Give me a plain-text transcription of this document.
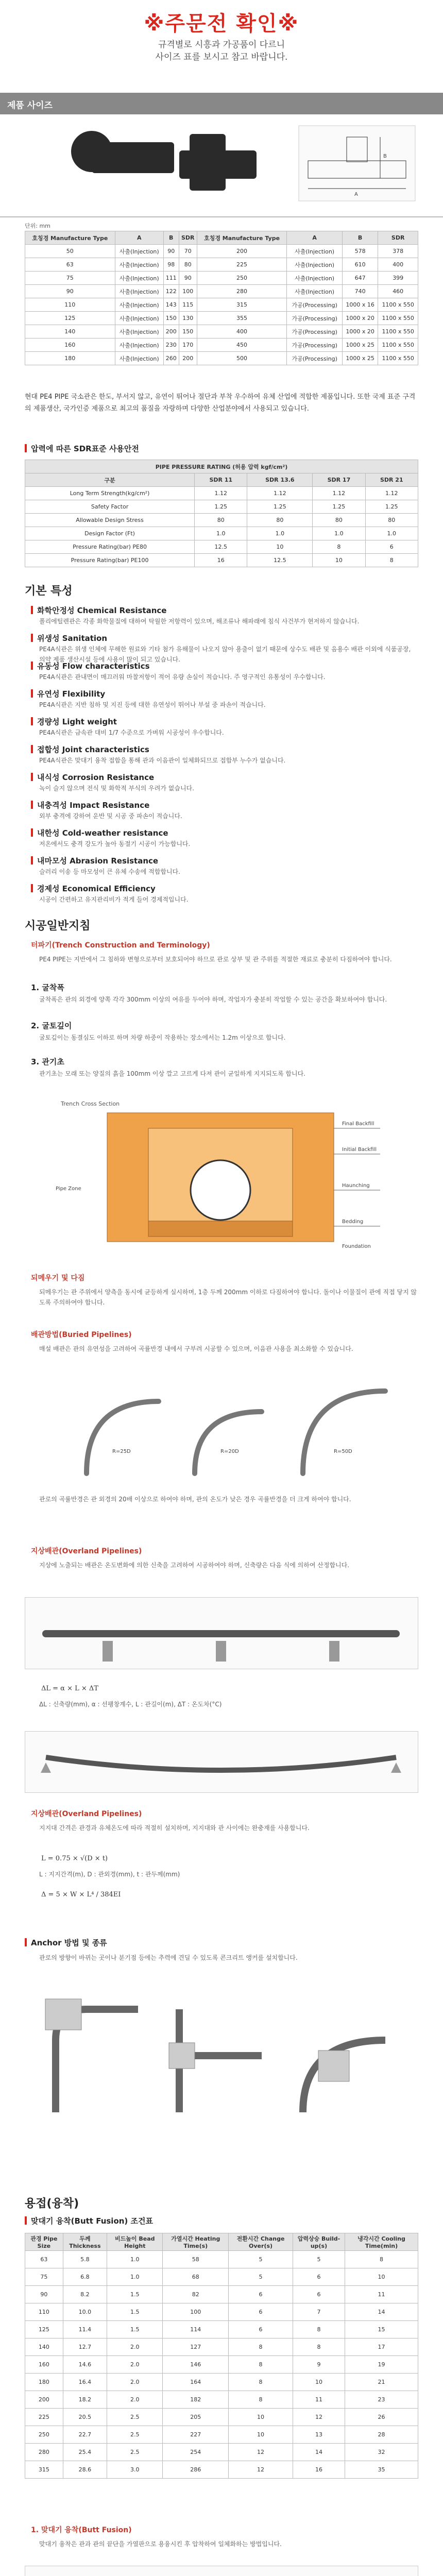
※주문전 확인※
규격별로 시흥과 가공품이 다르니
사이즈 표를 보시고 참고 바랍니다.
제품 사이즈
A
B
단위: mm
호칭경 Manufacture Type	A	B	SDR	호칭경 Manufacture Type	A	B	SDR
50	사출(Injection)	90	70	200	사출(Injection)	578	378
63	사출(Injection)	98	80	225	사출(Injection)	610	400
75	사출(Injection)	111	90	250	사출(Injection)	647	399
90	사출(Injection)	122	100	280	사출(Injection)	740	460
110	사출(Injection)	143	115	315	가공(Processing)	1000 x 16	1100 x 550
125	사출(Injection)	150	130	355	가공(Processing)	1000 x 20	1100 x 550
140	사출(Injection)	200	150	400	가공(Processing)	1000 x 20	1100 x 550
160	사출(Injection)	230	170	450	가공(Processing)	1000 x 25	1100 x 550
180	사출(Injection)	260	200	500	가공(Processing)	1000 x 25	1100 x 550
현대 PE4 PIPE 국소관은 한도, 부서지 않고, 유연이 뛰어나 절단과 부착 우수하여 유체 산업에 적합한 제품입니다. 또한 국제 표준 구격의 제품생산, 국가인증 제품으로 최고의 품질을 자랑하며 다양한 산업분야에서 사용되고 있습니다.
압력에 따른 SDR표준 사용안전
PIPE PRESSURE RATING (허용 압력 kgf/cm²)				
구분	SDR 11	SDR 13.6	SDR 17	SDR 21
Long Term Strength(kg/cm²)	1.12	1.12	1.12	1.12
Safety Factor	1.25	1.25	1.25	1.25
Allowable Design Stress	80	80	80	80
Design Factor (Ft)	1.0	1.0	1.0	1.0
Pressure Rating(bar) PE80	12.5	10	8	6
Pressure Rating(bar) PE100	16	12.5	10	8
기본 특성
화학안정성 Chemical Resistance
폴리에틸렌관은 각종 화학물질에 대하여 탁월한 저항력이 있으며, 해조류나 해파래에 침식 사건부가 현저하지 않습니다.
위생성 Sanitation
PE4A식관은 위생 인체에 무해한 원료와 기타 첨가 유해물이 나오지 않아 용출이 없기 때문에 상수도 배관 및 음용수 배관 이외에 식품공장, 의약 제품 생산시설 등에 사용이 많이 되고 있습니다.
유동성 Flow characteristics
PE4A식관은 관내면이 매끄러워 마찰저항이 적어 유량 손실이 적습니다. 주 영구적인 유통성이 우수합니다.
유연성 Flexibility
PE4A식관은 지반 침하 및 지진 등에 대한 유연성이 뛰어나 부설 중 파손이 적습니다.
경량성 Light weight
PE4A식관은 금속관 대비 1/7 수준으로 가벼워 시공성이 우수합니다.
접합성 Joint characteristics
PE4A식관은 맞대기 융착 접합을 통해 관과 이음관이 일체화되므로 접합부 누수가 없습니다.
내식성 Corrosion Resistance
녹이 슬지 않으며 전식 및 화학적 부식의 우려가 없습니다.
내충격성 Impact Resistance
외부 충격에 강하여 운반 및 시공 중 파손이 적습니다.
내한성 Cold-weather resistance
저온에서도 충격 강도가 높아 동절기 시공이 가능합니다.
내마모성 Abrasion Resistance
슬러리 이송 등 마모성이 큰 유체 수송에 적합합니다.
경제성 Economical Efficiency
시공이 간편하고 유지관리비가 적게 들어 경제적입니다.
시공일반지침
터파기(Trench Construction and Terminology)
PE4 PIPE는 지반에서 그 침하와 변형으로부터 보호되어야 하므로 관로 상부 및 관 주위를 적절한 재료로 충분히 다짐하여야 합니다.
1. 굴착폭
굴착폭은 관의 외경에 양쪽 각각 300mm 이상의 여유를 두어야 하며, 작업자가 충분히 작업할 수 있는 공간을 확보하여야 합니다.
2. 굴토깊이
굴토깊이는 동결심도 이하로 하며 차량 하중이 작용하는 장소에서는 1.2m 이상으로 합니다.
3. 관기초
관기초는 모래 또는 양질의 흙을 100mm 이상 깔고 고르게 다져 관이 균일하게 지지되도록 합니다.
Trench Cross Section
Final Backfill
Initial Backfill
Haunching
Bedding
Foundation
Pipe Zone
되메우기 및 다짐
되메우기는 관 주위에서 양측을 동시에 균등하게 실시하며, 1층 두께 200mm 이하로 다짐하여야 합니다. 돌이나 이물질이 관에 직접 닿지 않도록 주의하여야 합니다.
배관방법(Buried Pipelines)
매설 배관은 관의 유연성을 고려하여 곡률반경 내에서 구부려 시공할 수 있으며, 이음관 사용을 최소화할 수 있습니다.
R=25D	R=20D	R=50D
관로의 곡률반경은 관 외경의 20배 이상으로 하여야 하며, 관의 온도가 낮은 경우 곡률반경을 더 크게 하여야 합니다.
지상배관(Overland Pipelines)
지상에 노출되는 배관은 온도변화에 의한 신축을 고려하여 시공하여야 하며, 신축량은 다음 식에 의하여 산정합니다.
ΔL = α × L × ΔT
ΔL : 신축량(mm), α : 선팽창계수, L : 관길이(m), ΔT : 온도차(°C)
지상배관(Overland Pipelines)
지지대 간격은 관경과 유체온도에 따라 적절히 설치하며, 지지대와 관 사이에는 완충재를 사용합니다.
L = 0.75 × √(D × t)
L : 지지간격(m), D : 관외경(mm), t : 관두께(mm)
Δ = 5 × W × L⁴ / 384EI
Anchor 방법 및 종류
관로의 방향이 바뀌는 곳이나 분기점 등에는 추력에 견딜 수 있도록 콘크리트 앵커를 설치합니다.
용접(융착)
맞대기 융착(Butt Fusion) 조건표
관경 Pipe Size	두께 Thickness	비드높이 Bead Height	가열시간 Heating Time(s)	전환시간 Change Over(s)	압력상승 Build-up(s)	냉각시간 Cooling Time(min)
63	5.8	1.0	58	5	5	8
75	6.8	1.0	68	5	6	10
90	8.2	1.5	82	6	6	11
110	10.0	1.5	100	6	7	14
125	11.4	1.5	114	6	8	15
140	12.7	2.0	127	8	8	17
160	14.6	2.0	146	8	9	19
180	16.4	2.0	164	8	10	21
200	18.2	2.0	182	8	11	23
225	20.5	2.5	205	10	12	26
250	22.7	2.5	227	10	13	28
280	25.4	2.5	254	12	14	32
315	28.6	3.0	286	12	16	35
1. 맞대기 융착(Butt Fusion)
맞대기 융착은 관과 관의 끝단을 가열판으로 용융시킨 후 압착하여 일체화하는 방법입니다.
